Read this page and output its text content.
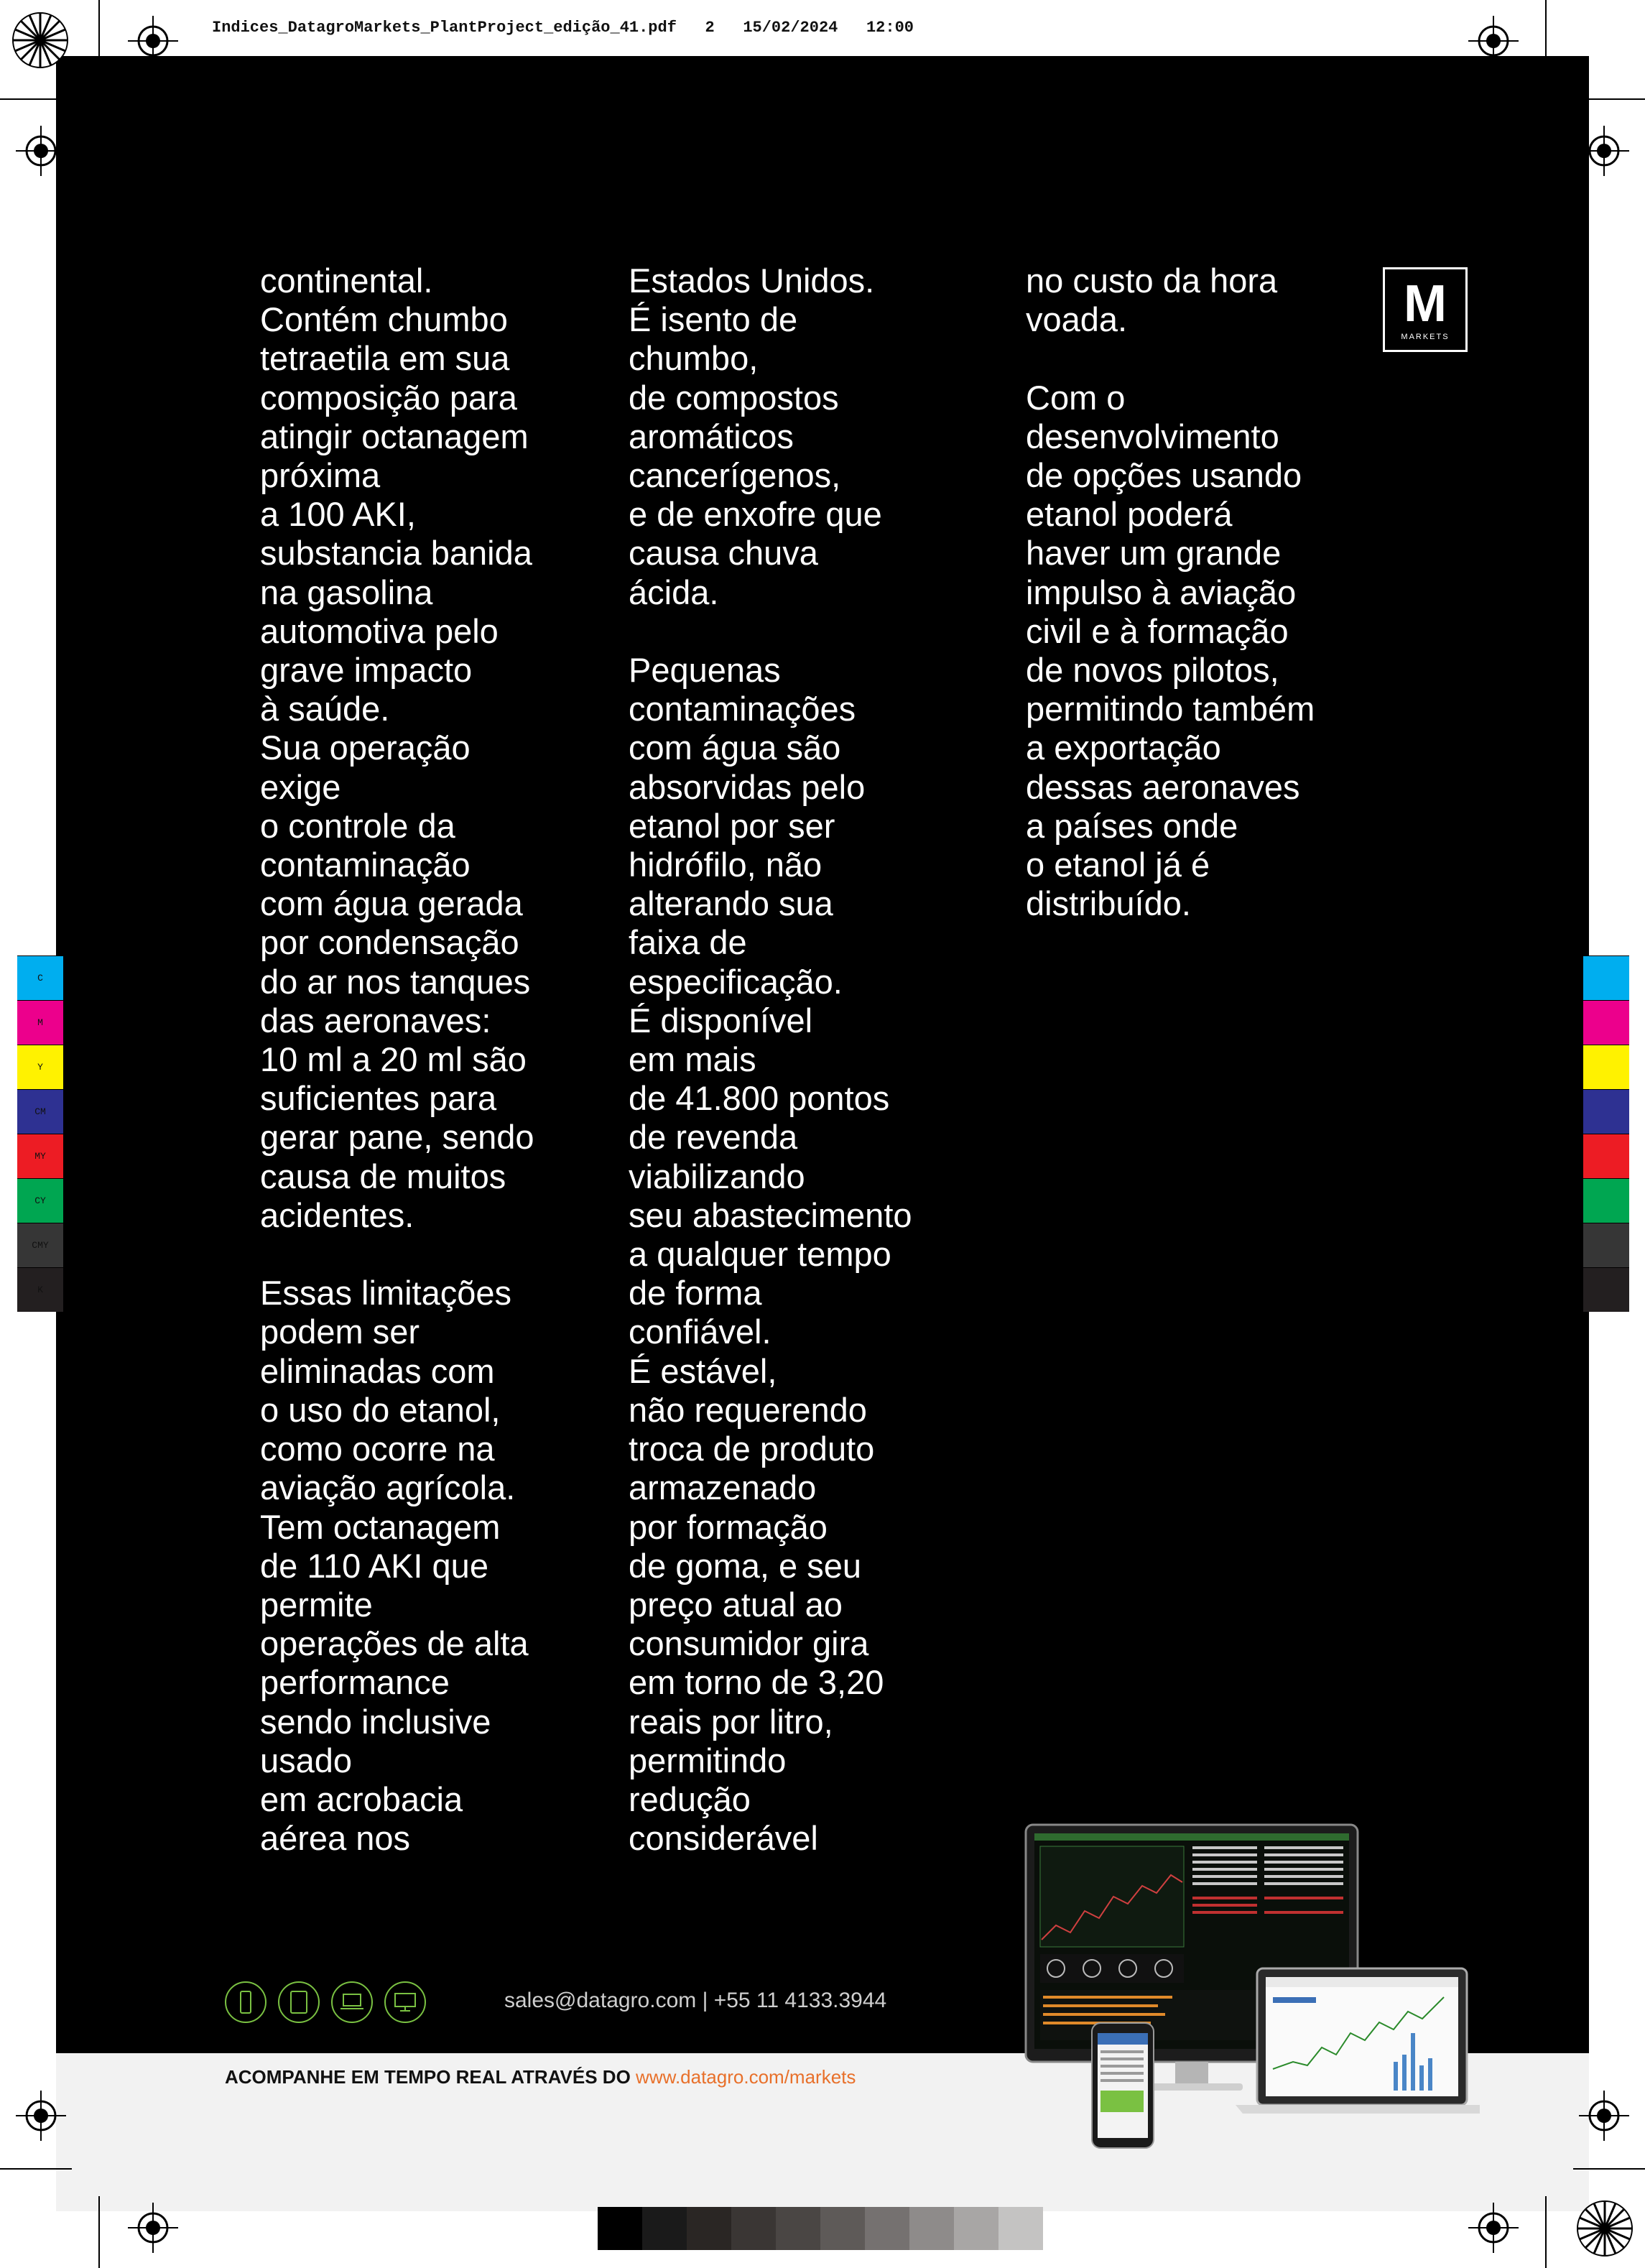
Indices_DatagroMarkets_PlantProject_edição_41.pdf 2 15/02/2024 12:00
C
M
Y
CM
MY
CY
CMY
K
continental.
Contém chumbo
tetraetila em sua
composição para
atingir octanagem
próxima
a 100 AKI,
substancia banida
na gasolina
automotiva pelo
grave impacto
à saúde.
Sua operação
exige
o controle da
contaminação
com água gerada
por condensação
do ar nos tanques
das aeronaves:
10 ml a 20 ml são
suficientes para
gerar pane, sendo
causa de muitos
acidentes.

Essas limitações
podem ser
eliminadas com
o uso do etanol,
como ocorre na
aviação agrícola.
Tem octanagem
de 110 AKI que
permite
operações de alta
performance
sendo inclusive
usado
em acrobacia
aérea nos
Estados Unidos.
É isento de
chumbo,
de compostos
aromáticos
cancerígenos,
e de enxofre que
causa chuva
ácida.

Pequenas
contaminações
com água são
absorvidas pelo
etanol por ser
hidrófilo, não
alterando sua
faixa de
especificação.
É disponível
em mais
de 41.800 pontos
de revenda
viabilizando
seu abastecimento
a qualquer tempo
de forma
confiável.
É estável,
não requerendo
troca de produto
armazenado
por formação
de goma, e seu
preço atual ao
consumidor gira
em torno de 3,20
reais por litro,
permitindo
redução
considerável
no custo da hora
voada.

Com o
desenvolvimento
de opções usando
etanol poderá
haver um grande
impulso à aviação
civil e à formação
de novos pilotos,
permitindo também
a exportação
dessas aeronaves
a países onde
o etanol já é
distribuído.
M
MARKETS
sales@datagro.com | +55 11 4133.3944
ACOMPANHE EM TEMPO REAL ATRAVÉS DO www.datagro.com/markets
